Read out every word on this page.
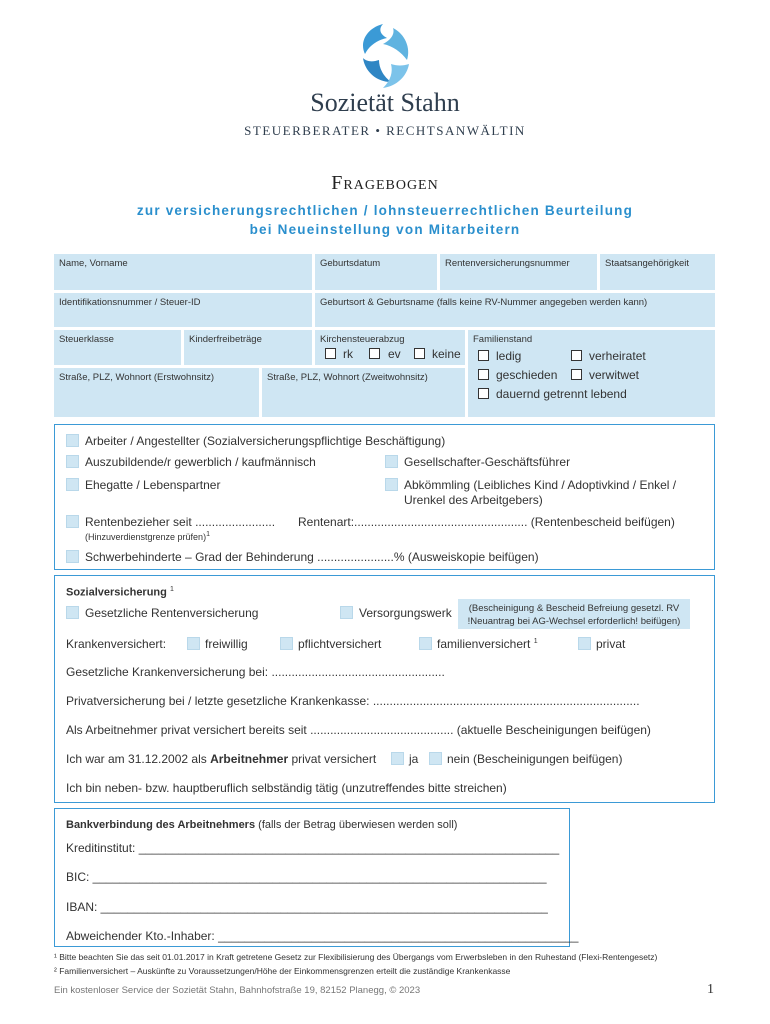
Sozietät Stahn
STEUERBERATER • RECHTSANWÄLTIN
Fragebogen
zur versicherungsrechtlichen / lohnsteuerrechtlichen Beurteilung
bei Neueinstellung von Mitarbeitern
Name, Vorname	Geburtsdatum	Rentenversicherungsnummer	Staatsangehörigkeit
Identifikationsnummer / Steuer-ID	Geburtsort & Geburtsname (falls keine RV-Nummer angegeben werden kann)
Steuerklasse	Kinderfreibeträge	Kirchensteuerabzug
rk	ev	keine
Familienstand
ledig	verheiratet
geschieden	verwitwet
dauernd getrennt lebend
Straße, PLZ, Wohnort (Erstwohnsitz)	Straße, PLZ, Wohnort (Zweitwohnsitz)
Arbeiter / Angestellter (Sozialversicherungspflichtige Beschäftigung)
Auszubildende/r gewerblich / kaufmännisch	Gesellschafter-Geschäftsführer
Ehegatte / Lebenspartner	Abkömmling (Leibliches Kind / Adoptivkind / Enkel /
Urenkel des Arbeitgebers)
Rentenbezieher seit ........................ Rentenart:.................................................... (Rentenbescheid beifügen)
(Hinzuverdienstgrenze prüfen)$^1$
Schwerbehinderte – Grad der Behinderung .......................% (Ausweiskopie beifügen)
Sozialversicherung $^1$
Gesetzliche Rentenversicherung	Versorgungswerk	(Bescheinigung & Bescheid Befreiung gesetzl. RV
!Neuantrag bei AG-Wechsel erforderlich! beifügen)
Krankenversichert:	freiwillig	pflichtversichert	familienversichert $^1$	privat
Gesetzliche Krankenversicherung bei: ....................................................
Privatversicherung bei / letzte gesetzliche Krankenkasse: ................................................................................
Als Arbeitnehmer privat versichert bereits seit ........................................... (aktuelle Bescheinigungen beifügen)
Ich war am 31.12.2002 als Arbeitnehmer privat versichert	ja nein (Bescheinigungen beifügen)
Ich bin neben- bzw. hauptberuflich selbständig tätig (unzutreffendes bitte streichen)
Bankverbindung des Arbeitnehmers (falls der Betrag überwiesen werden soll)
Kreditinstitut: _______________________________________________________________
BIC: ____________________________________________________________________
IBAN: ___________________________________________________________________
Abweichender Kto.-Inhaber: ______________________________________________________
¹ Bitte beachten Sie das seit 01.01.2017 in Kraft getretene Gesetz zur Flexibilisierung des Übergangs vom Erwerbsleben in den Ruhestand (Flexi-Rentengesetz)
² Familienversichert – Auskünfte zu Voraussetzungen/Höhe der Einkommensgrenzen erteilt die zuständige Krankenkasse
Ein kostenloser Service der Sozietät Stahn, Bahnhofstraße 19, 82152 Planegg, © 2023	1
